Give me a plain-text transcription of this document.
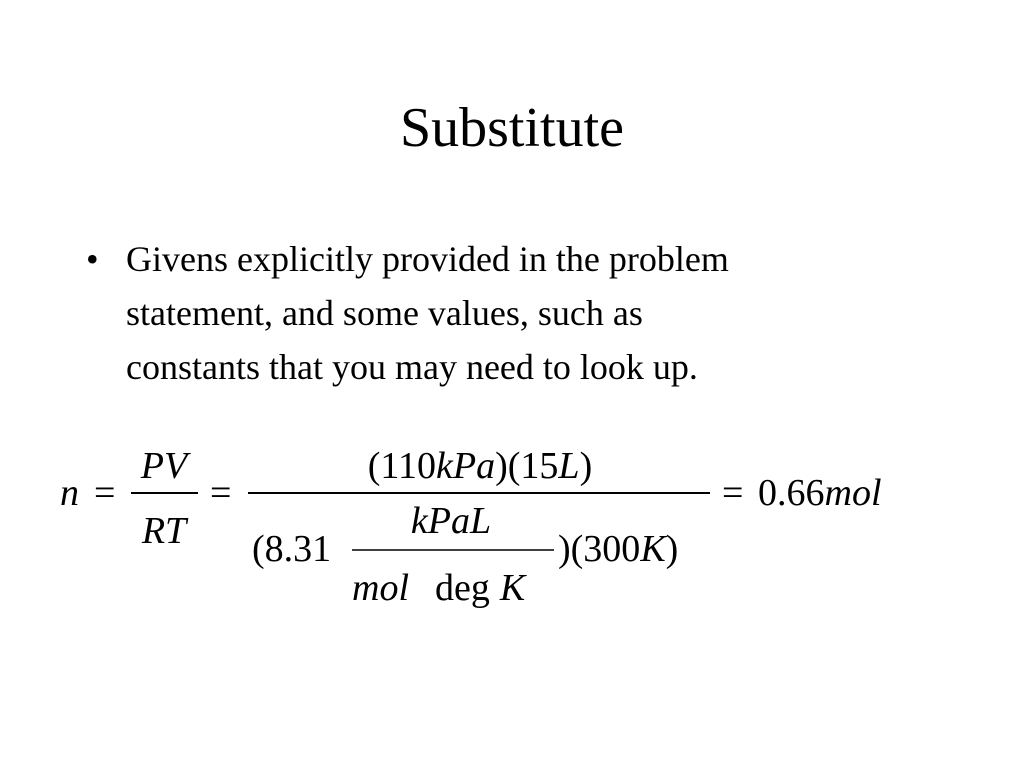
Substitute
• Givens explicitly provided in the problem
statement, and some values, such as
constants that you may need to look up.
n =
PV
RT
=
(110kPa)(15L)
(8.31
kPaL
mol deg K
)(300K)
= 0.66mol
